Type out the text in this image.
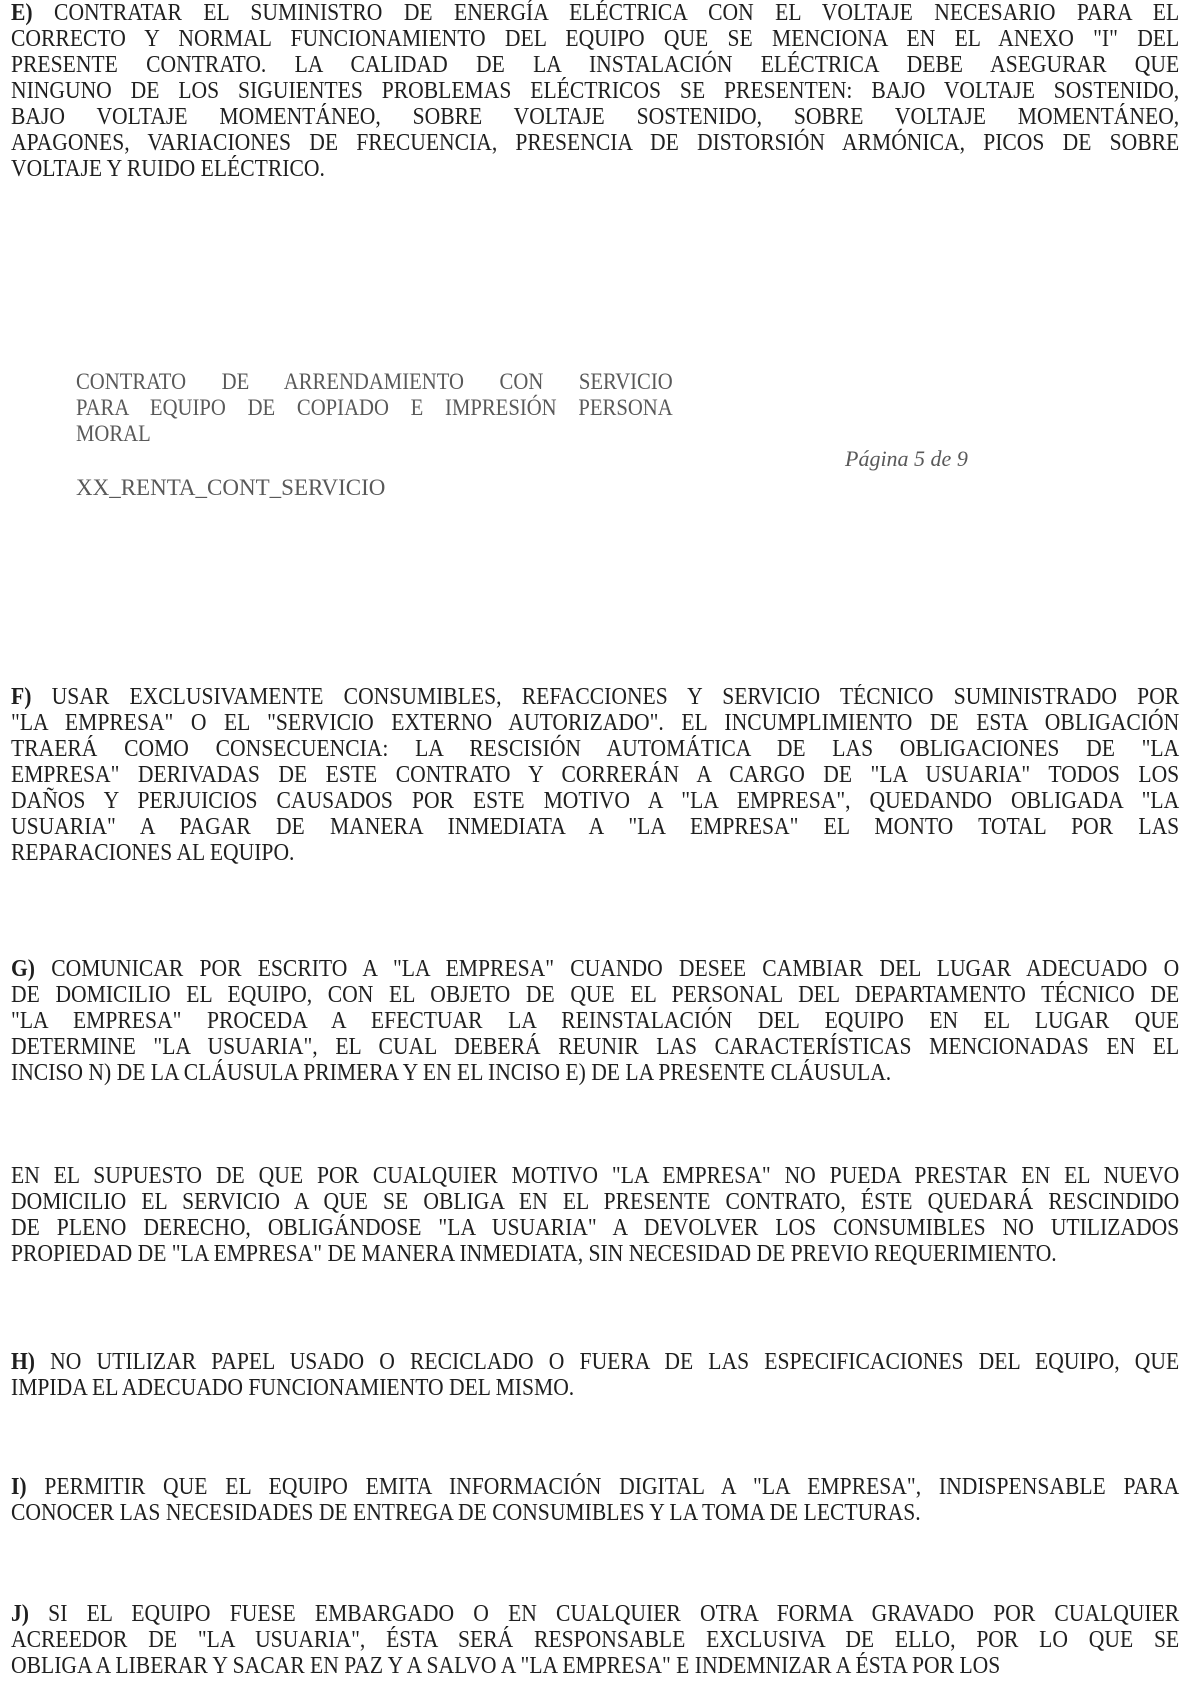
E) CONTRATAR EL SUMINISTRO DE ENERGÍA ELÉCTRICA CON EL VOLTAJE NECESARIO PARA EL
CORRECTO Y NORMAL FUNCIONAMIENTO DEL EQUIPO QUE SE MENCIONA EN EL ANEXO "I" DEL
PRESENTE CONTRATO. LA CALIDAD DE LA INSTALACIÓN ELÉCTRICA DEBE ASEGURAR QUE
NINGUNO DE LOS SIGUIENTES PROBLEMAS ELÉCTRICOS SE PRESENTEN: BAJO VOLTAJE SOSTENIDO,
BAJO VOLTAJE MOMENTÁNEO, SOBRE VOLTAJE SOSTENIDO, SOBRE VOLTAJE MOMENTÁNEO,
APAGONES, VARIACIONES DE FRECUENCIA, PRESENCIA DE DISTORSIÓN ARMÓNICA, PICOS DE SOBRE
VOLTAJE Y RUIDO ELÉCTRICO.
CONTRATO DE ARRENDAMIENTO CON SERVICIO
PARA EQUIPO DE COPIADO E IMPRESIÓN PERSONA
MORAL
Página 5 de 9
XX_RENTA_CONT_SERVICIO
F) USAR EXCLUSIVAMENTE CONSUMIBLES, REFACCIONES Y SERVICIO TÉCNICO SUMINISTRADO POR
"LA EMPRESA" O EL "SERVICIO EXTERNO AUTORIZADO". EL INCUMPLIMIENTO DE ESTA OBLIGACIÓN
TRAERÁ COMO CONSECUENCIA: LA RESCISIÓN AUTOMÁTICA DE LAS OBLIGACIONES DE "LA
EMPRESA" DERIVADAS DE ESTE CONTRATO Y CORRERÁN A CARGO DE "LA USUARIA" TODOS LOS
DAÑOS Y PERJUICIOS CAUSADOS POR ESTE MOTIVO A "LA EMPRESA", QUEDANDO OBLIGADA "LA
USUARIA" A PAGAR DE MANERA INMEDIATA A "LA EMPRESA" EL MONTO TOTAL POR LAS
REPARACIONES AL EQUIPO.
G) COMUNICAR POR ESCRITO A "LA EMPRESA" CUANDO DESEE CAMBIAR DEL LUGAR ADECUADO O
DE DOMICILIO EL EQUIPO, CON EL OBJETO DE QUE EL PERSONAL DEL DEPARTAMENTO TÉCNICO DE
"LA EMPRESA" PROCEDA A EFECTUAR LA REINSTALACIÓN DEL EQUIPO EN EL LUGAR QUE
DETERMINE "LA USUARIA", EL CUAL DEBERÁ REUNIR LAS CARACTERÍSTICAS MENCIONADAS EN EL
INCISO N) DE LA CLÁUSULA PRIMERA Y EN EL INCISO E) DE LA PRESENTE CLÁUSULA.
EN EL SUPUESTO DE QUE POR CUALQUIER MOTIVO "LA EMPRESA" NO PUEDA PRESTAR EN EL NUEVO
DOMICILIO EL SERVICIO A QUE SE OBLIGA EN EL PRESENTE CONTRATO, ÉSTE QUEDARÁ RESCINDIDO
DE PLENO DERECHO, OBLIGÁNDOSE "LA USUARIA" A DEVOLVER LOS CONSUMIBLES NO UTILIZADOS
PROPIEDAD DE "LA EMPRESA" DE MANERA INMEDIATA, SIN NECESIDAD DE PREVIO REQUERIMIENTO.
H) NO UTILIZAR PAPEL USADO O RECICLADO O FUERA DE LAS ESPECIFICACIONES DEL EQUIPO, QUE
IMPIDA EL ADECUADO FUNCIONAMIENTO DEL MISMO.
I) PERMITIR QUE EL EQUIPO EMITA INFORMACIÓN DIGITAL A "LA EMPRESA", INDISPENSABLE PARA
CONOCER LAS NECESIDADES DE ENTREGA DE CONSUMIBLES Y LA TOMA DE LECTURAS.
J) SI EL EQUIPO FUESE EMBARGADO O EN CUALQUIER OTRA FORMA GRAVADO POR CUALQUIER
ACREEDOR DE "LA USUARIA", ÉSTA SERÁ RESPONSABLE EXCLUSIVA DE ELLO, POR LO QUE SE
OBLIGA A LIBERAR Y SACAR EN PAZ Y A SALVO A "LA EMPRESA" E INDEMNIZAR A ÉSTA POR LOS
